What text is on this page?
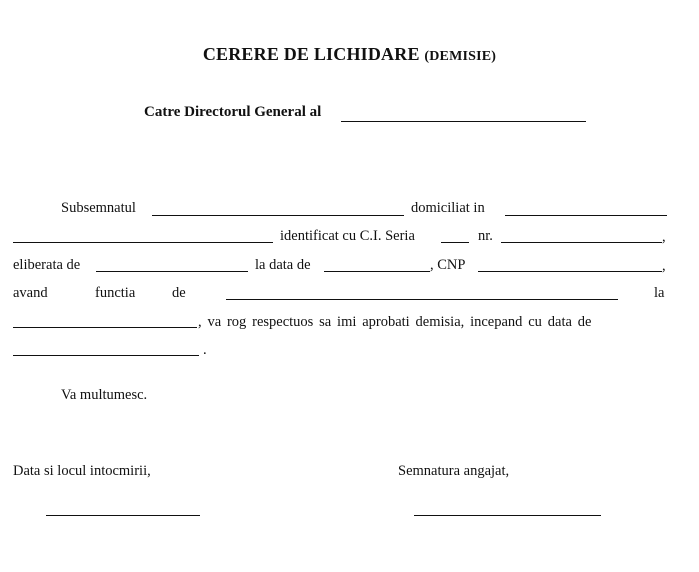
CERERE DE LICHIDARE (DEMISIE)
Catre Directorul General al
Subsemnatul	domiciliat in
identificat cu C.I. Seria	nr.	,
eliberata de	la data de	, CNP	,
avand	functia	de	la
, va rog respectuos sa imi aprobati demisia, incepand cu data de
.
Va multumesc.
Data si locul intocmirii,	Semnatura angajat,
